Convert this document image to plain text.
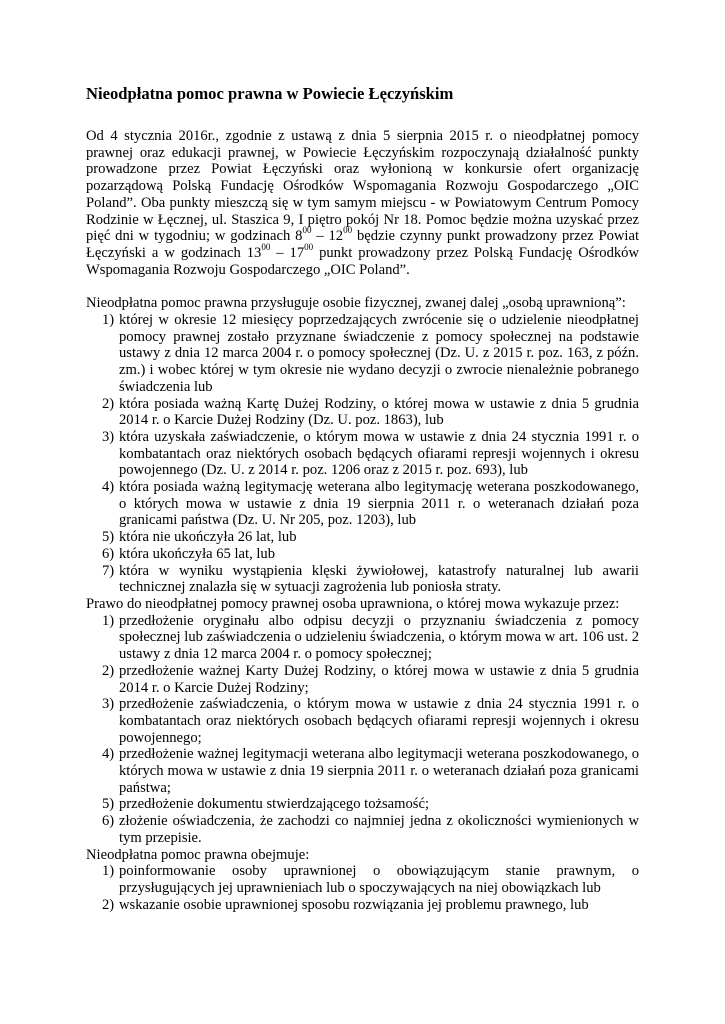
Nieodpłatna pomoc prawna w Powiecie Łęczyńskim

Od 4 stycznia 2016r., zgodnie z ustawą z dnia 5 sierpnia 2015 r. o nieodpłatnej pomocy prawnej oraz edukacji prawnej, w Powiecie Łęczyńskim rozpoczynają działalność punkty prowadzone przez Powiat Łęczyński oraz wyłonioną w konkursie ofert organizację pozarządową Polską Fundację Ośrodków Wspomagania Rozwoju Gospodarczego „OIC Poland”. Oba punkty mieszczą się w tym samym miejscu - w Powiatowym Centrum Pomocy Rodzinie w Łęcznej, ul. Staszica 9, I piętro pokój Nr 18. Pomoc będzie można uzyskać przez pięć dni w tygodniu; w godzinach $8^{00} - 12^{00}$ będzie czynny punkt prowadzony przez Powiat Łęczyński a w godzinach $13^{00} - 17^{00}$ punkt prowadzony przez Polską Fundację Ośrodków Wspomagania Rozwoju Gospodarczego „OIC Poland”.

Nieodpłatna pomoc prawna przysługuje osobie fizycznej, zwanej dalej „osobą uprawnioną”:

1) której w okresie 12 miesięcy poprzedzających zwrócenie się o udzielenie nieodpłatnej pomocy prawnej zostało przyznane świadczenie z pomocy społecznej na podstawie ustawy z dnia 12 marca 2004 r. o pomocy społecznej (Dz. U. z 2015 r. poz. 163, z późn. zm.) i wobec której w tym okresie nie wydano decyzji o zwrocie nienależnie pobranego świadczenia lub
2) która posiada ważną Kartę Dużej Rodziny, o której mowa w ustawie z dnia 5 grudnia 2014 r. o Karcie Dużej Rodziny (Dz. U. poz. 1863), lub
3) która uzyskała zaświadczenie, o którym mowa w ustawie z dnia 24 stycznia 1991 r. o kombatantach oraz niektórych osobach będących ofiarami represji wojennych i okresu powojennego (Dz. U. z 2014 r. poz. 1206 oraz z 2015 r. poz. 693), lub
4) która posiada ważną legitymację weterana albo legitymację weterana poszkodowanego, o których mowa w ustawie z dnia 19 sierpnia 2011 r. o weteranach działań poza granicami państwa (Dz. U. Nr 205, poz. 1203), lub
5) która nie ukończyła 26 lat, lub
6) która ukończyła 65 lat, lub
7) która w wyniku wystąpienia klęski żywiołowej, katastrofy naturalnej lub awarii technicznej znalazła się w sytuacji zagrożenia lub poniosła straty.

Prawo do nieodpłatnej pomocy prawnej osoba uprawniona, o której mowa wykazuje przez:

1) przedłożenie oryginału albo odpisu decyzji o przyznaniu świadczenia z pomocy społecznej lub zaświadczenia o udzieleniu świadczenia, o którym mowa w art. 106 ust. 2 ustawy z dnia 12 marca 2004 r. o pomocy społecznej;
2) przedłożenie ważnej Karty Dużej Rodziny, o której mowa w ustawie z dnia 5 grudnia 2014 r. o Karcie Dużej Rodziny;
3) przedłożenie zaświadczenia, o którym mowa w ustawie z dnia 24 stycznia 1991 r. o kombatantach oraz niektórych osobach będących ofiarami represji wojennych i okresu powojennego;
4) przedłożenie ważnej legitymacji weterana albo legitymacji weterana poszkodowanego, o których mowa w ustawie z dnia 19 sierpnia 2011 r. o weteranach działań poza granicami państwa;
5) przedłożenie dokumentu stwierdzającego tożsamość;
6) złożenie oświadczenia, że zachodzi co najmniej jedna z okoliczności wymienionych w tym przepisie.

Nieodpłatna pomoc prawna obejmuje:

1) poinformowanie osoby uprawnionej o obowiązującym stanie prawnym, o przysługujących jej uprawnieniach lub o spoczywających na niej obowiązkach lub
2) wskazanie osobie uprawnionej sposobu rozwiązania jej problemu prawnego, lub
